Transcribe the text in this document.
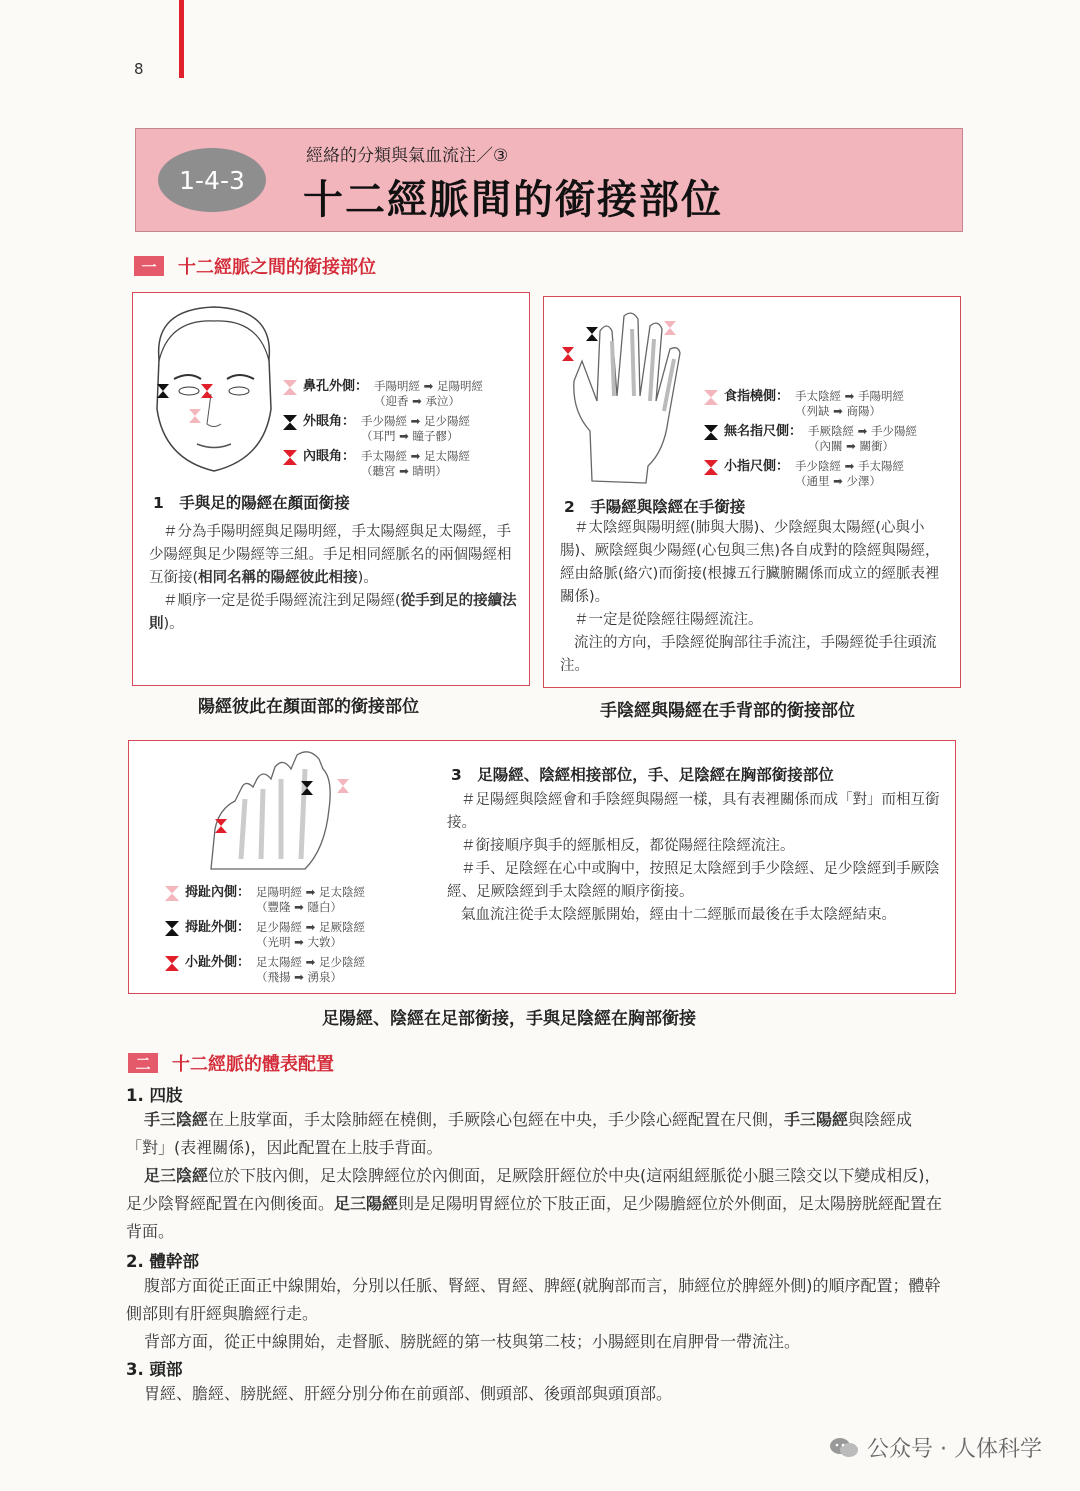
8
1-4-3
經絡的分類與氣血流注／③
十二經脈間的銜接部位
一	十二經脈之間的銜接部位
鼻孔外側： 手陽明經 ➡ 足陽明經
（迎香 ➡ 承泣）
外眼角： 手少陽經 ➡ 足少陽經
（耳門 ➡ 瞳子髎）
內眼角： 手太陽經 ➡ 足太陽經
（聽宮 ➡ 睛明）
1　手與足的陽經在顏面銜接
＃分為手陽明經與足陽明經，手太陽經與足太陽經，手少陽經與足少陽經等三組。手足相同經脈名的兩個陽經相互銜接(相同名稱的陽經彼此相接)。
＃順序一定是從手陽經流注到足陽經(從手到足的接續法則)。
陽經彼此在顏面部的銜接部位
食指橈側： 手太陰經 ➡ 手陽明經
（列缺 ➡ 商陽）
無名指尺側： 手厥陰經 ➡ 手少陽經
（內關 ➡ 關衝）
小指尺側： 手少陰經 ➡ 手太陽經
（通里 ➡ 少澤）
2　手陽經與陰經在手銜接
＃太陰經與陽明經(肺與大腸)、少陰經與太陽經(心與小腸)、厥陰經與少陽經(心包與三焦)各自成對的陰經與陽經，經由絡脈(絡穴)而銜接(根據五行臟腑關係而成立的經脈表裡關係)。
＃一定是從陰經往陽經流注。
流注的方向，手陰經從胸部往手流注，手陽經從手往頭流注。
手陰經與陽經在手背部的銜接部位
拇趾內側： 足陽明經 ➡ 足太陰經
（豐隆 ➡ 隱白）
拇趾外側： 足少陽經 ➡ 足厥陰經
（光明 ➡ 大敦）
小趾外側： 足太陽經 ➡ 足少陰經
（飛揚 ➡ 湧泉）
3　足陽經、陰經相接部位，手、足陰經在胸部銜接部位
＃足陽經與陰經會和手陰經與陽經一樣，具有表裡關係而成「對」而相互銜接。
＃銜接順序與手的經脈相反，都從陽經往陰經流注。
＃手、足陰經在心中或胸中，按照足太陰經到手少陰經、足少陰經到手厥陰經、足厥陰經到手太陰經的順序銜接。
氣血流注從手太陰經脈開始，經由十二經脈而最後在手太陰經結束。
足陽經、陰經在足部銜接，手與足陰經在胸部銜接
二	十二經脈的體表配置
1. 四肢
手三陰經在上肢掌面，手太陰肺經在橈側，手厥陰心包經在中央，手少陰心經配置在尺側，手三陽經與陰經成「對」(表裡關係)，因此配置在上肢手背面。
足三陰經位於下肢內側，足太陰脾經位於內側面，足厥陰肝經位於中央(這兩組經脈從小腿三陰交以下變成相反)，足少陰腎經配置在內側後面。足三陽經則是足陽明胃經位於下肢正面，足少陽膽經位於外側面，足太陽膀胱經配置在背面。
2. 體幹部
腹部方面從正面正中線開始，分別以任脈、腎經、胃經、脾經(就胸部而言，肺經位於脾經外側)的順序配置；體幹側部則有肝經與膽經行走。
背部方面，從正中線開始，走督脈、膀胱經的第一枝與第二枝；小腸經則在肩胛骨一帶流注。
3. 頭部
胃經、膽經、膀胱經、肝經分別分佈在前頭部、側頭部、後頭部與頭頂部。
公众号 · 人体科学
